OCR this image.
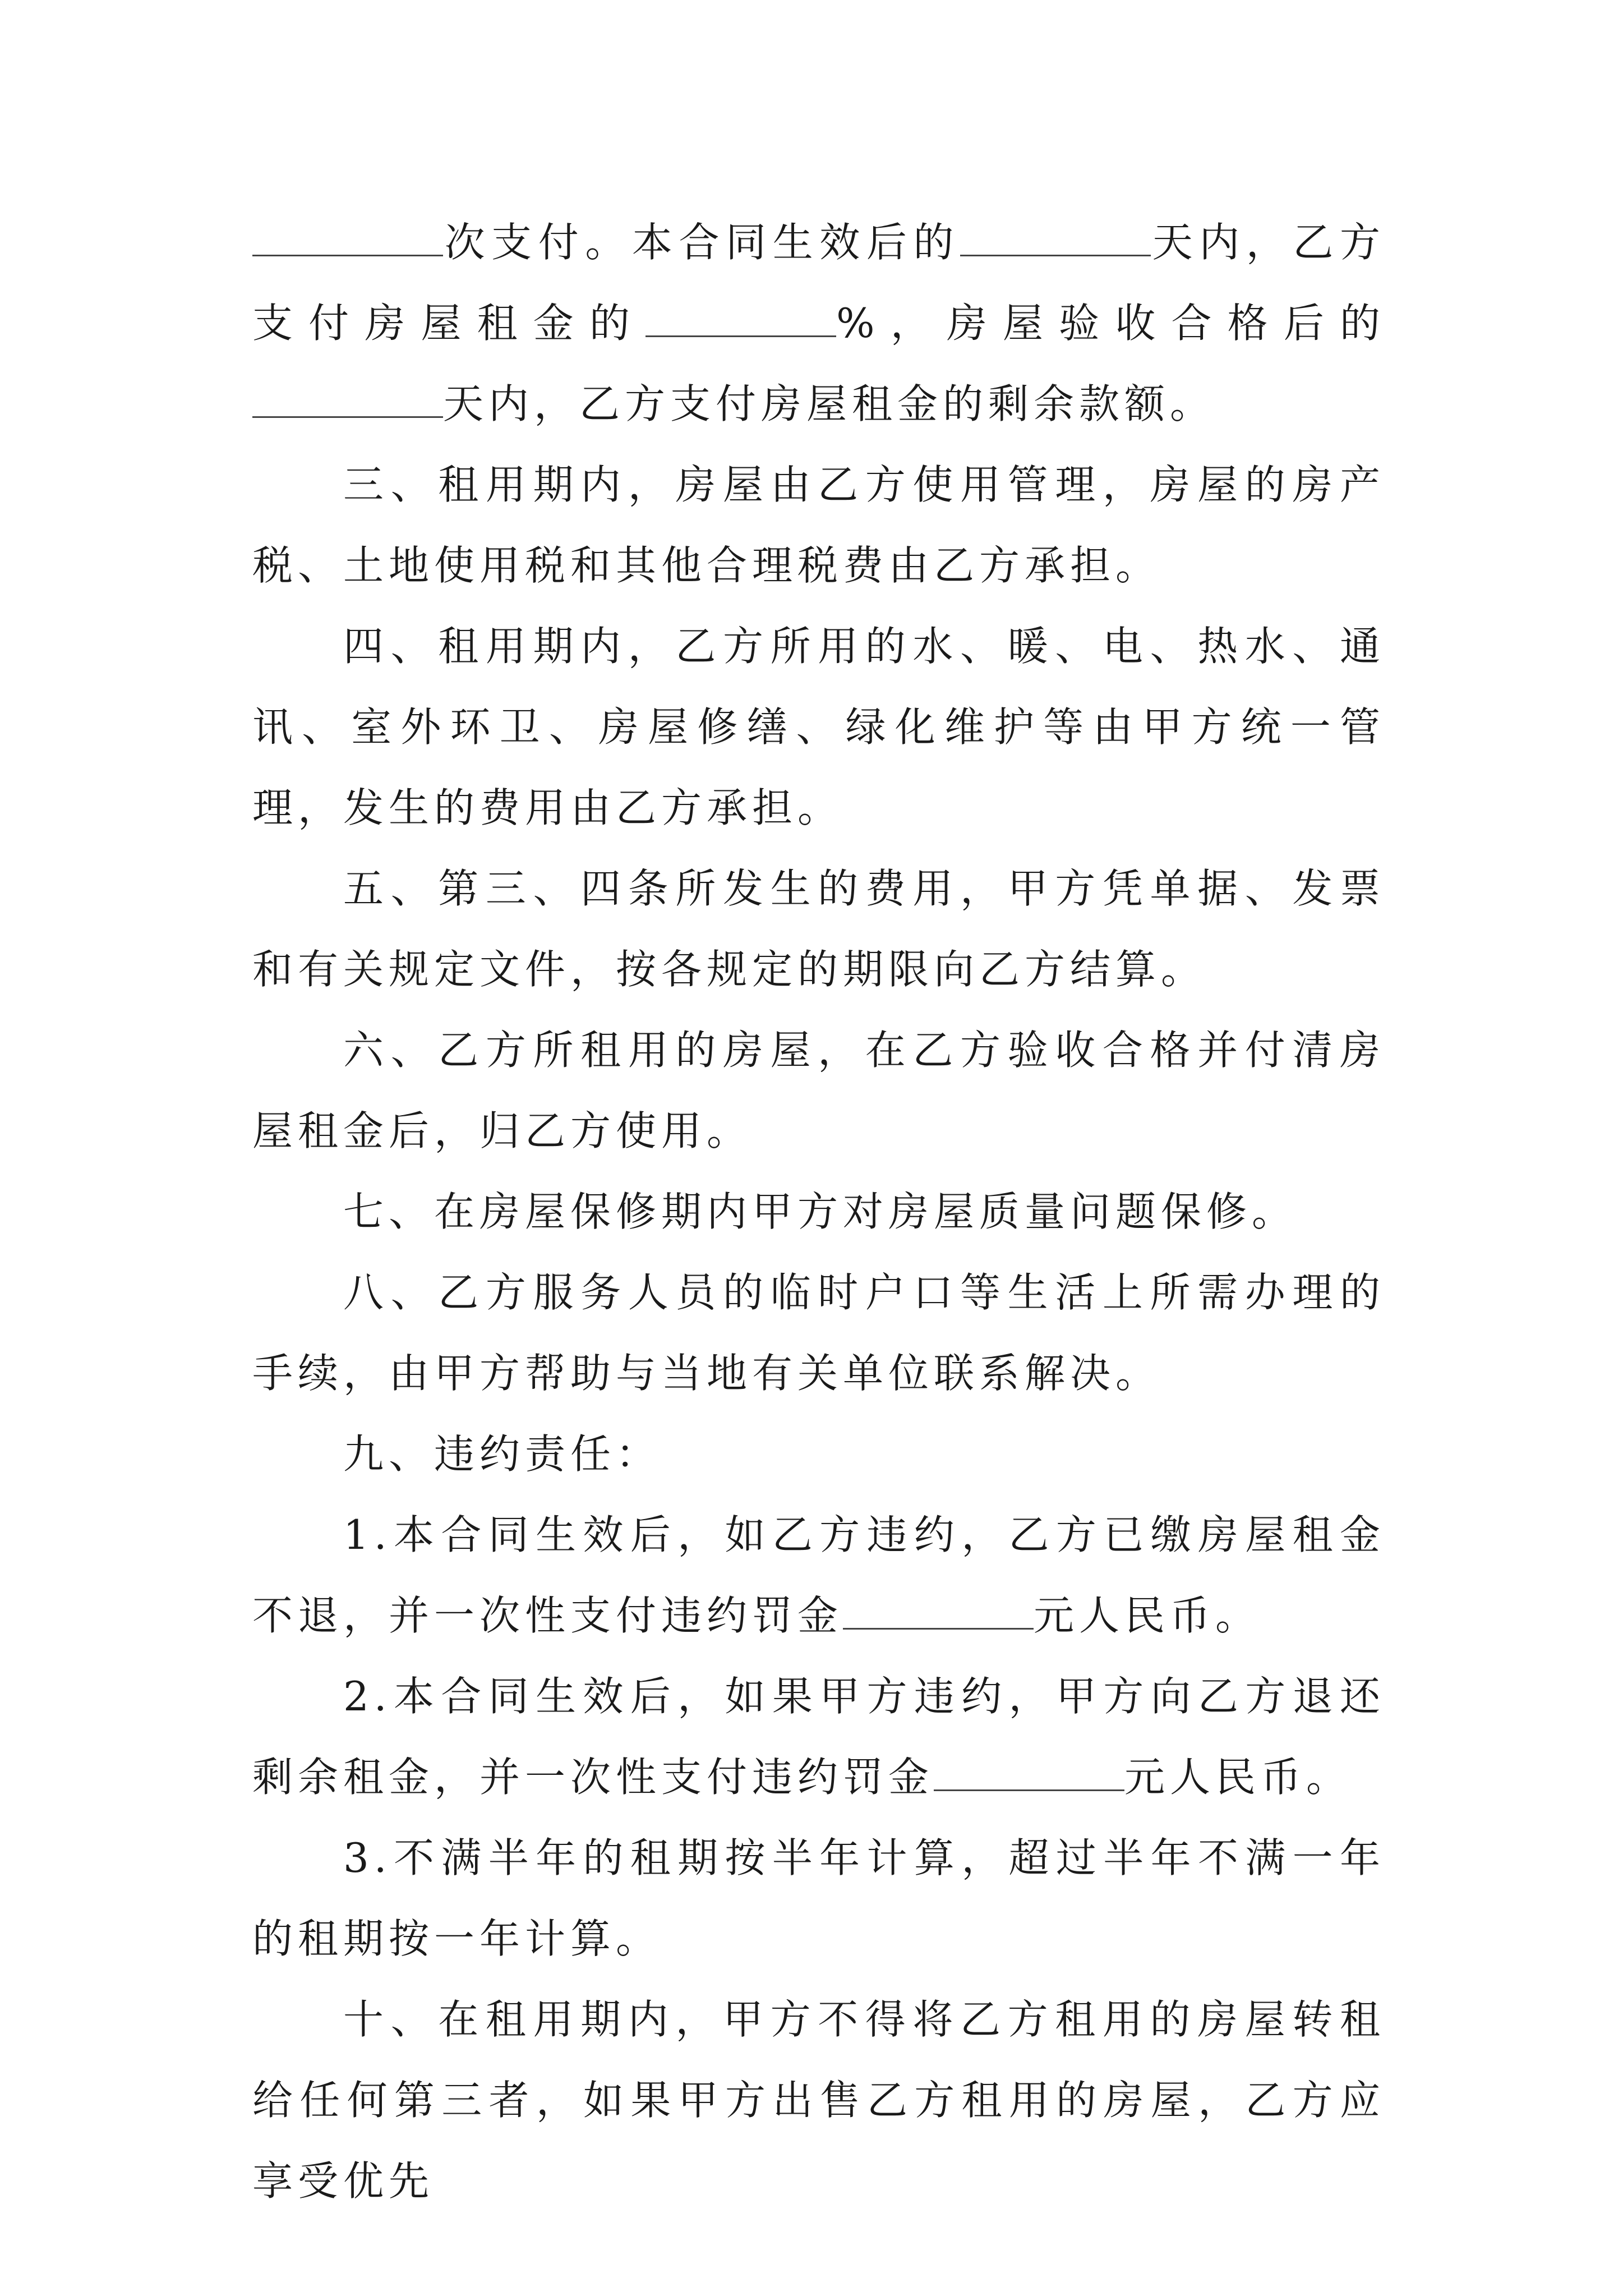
次支付。本合同生效后的	天内，乙方支付房屋租金的	%，房屋验收合格后的天内，乙方支付房屋租金的剩余款额。

三、租用期内，房屋由乙方使用管理，房屋的房产税、土地使用税和其他合理税费由乙方承担。

四、租用期内，乙方所用的水、暖、电、热水、通讯、室外环卫、房屋修缮、绿化维护等由甲方统一管理，发生的费用由乙方承担。

五、第三、四条所发生的费用，甲方凭单据、发票和有关规定文件，按各规定的期限向乙方结算。

六、乙方所租用的房屋，在乙方验收合格并付清房屋租金后，归乙方使用。

七、在房屋保修期内甲方对房屋质量问题保修。

八、乙方服务人员的临时户口等生活上所需办理的手续，由甲方帮助与当地有关单位联系解决。

九、违约责任：

1.本合同生效后，如乙方违约，乙方已缴房屋租金不退，并一次性支付违约罚金	元人民币。

2.本合同生效后，如果甲方违约，甲方向乙方退还剩余租金，并一次性支付违约罚金	元人民币。

3.不满半年的租期按半年计算，超过半年不满一年的租期按一年计算。

十、在租用期内，甲方不得将乙方租用的房屋转租给任何第三者，如果甲方出售乙方租用的房屋，乙方应享受优先
